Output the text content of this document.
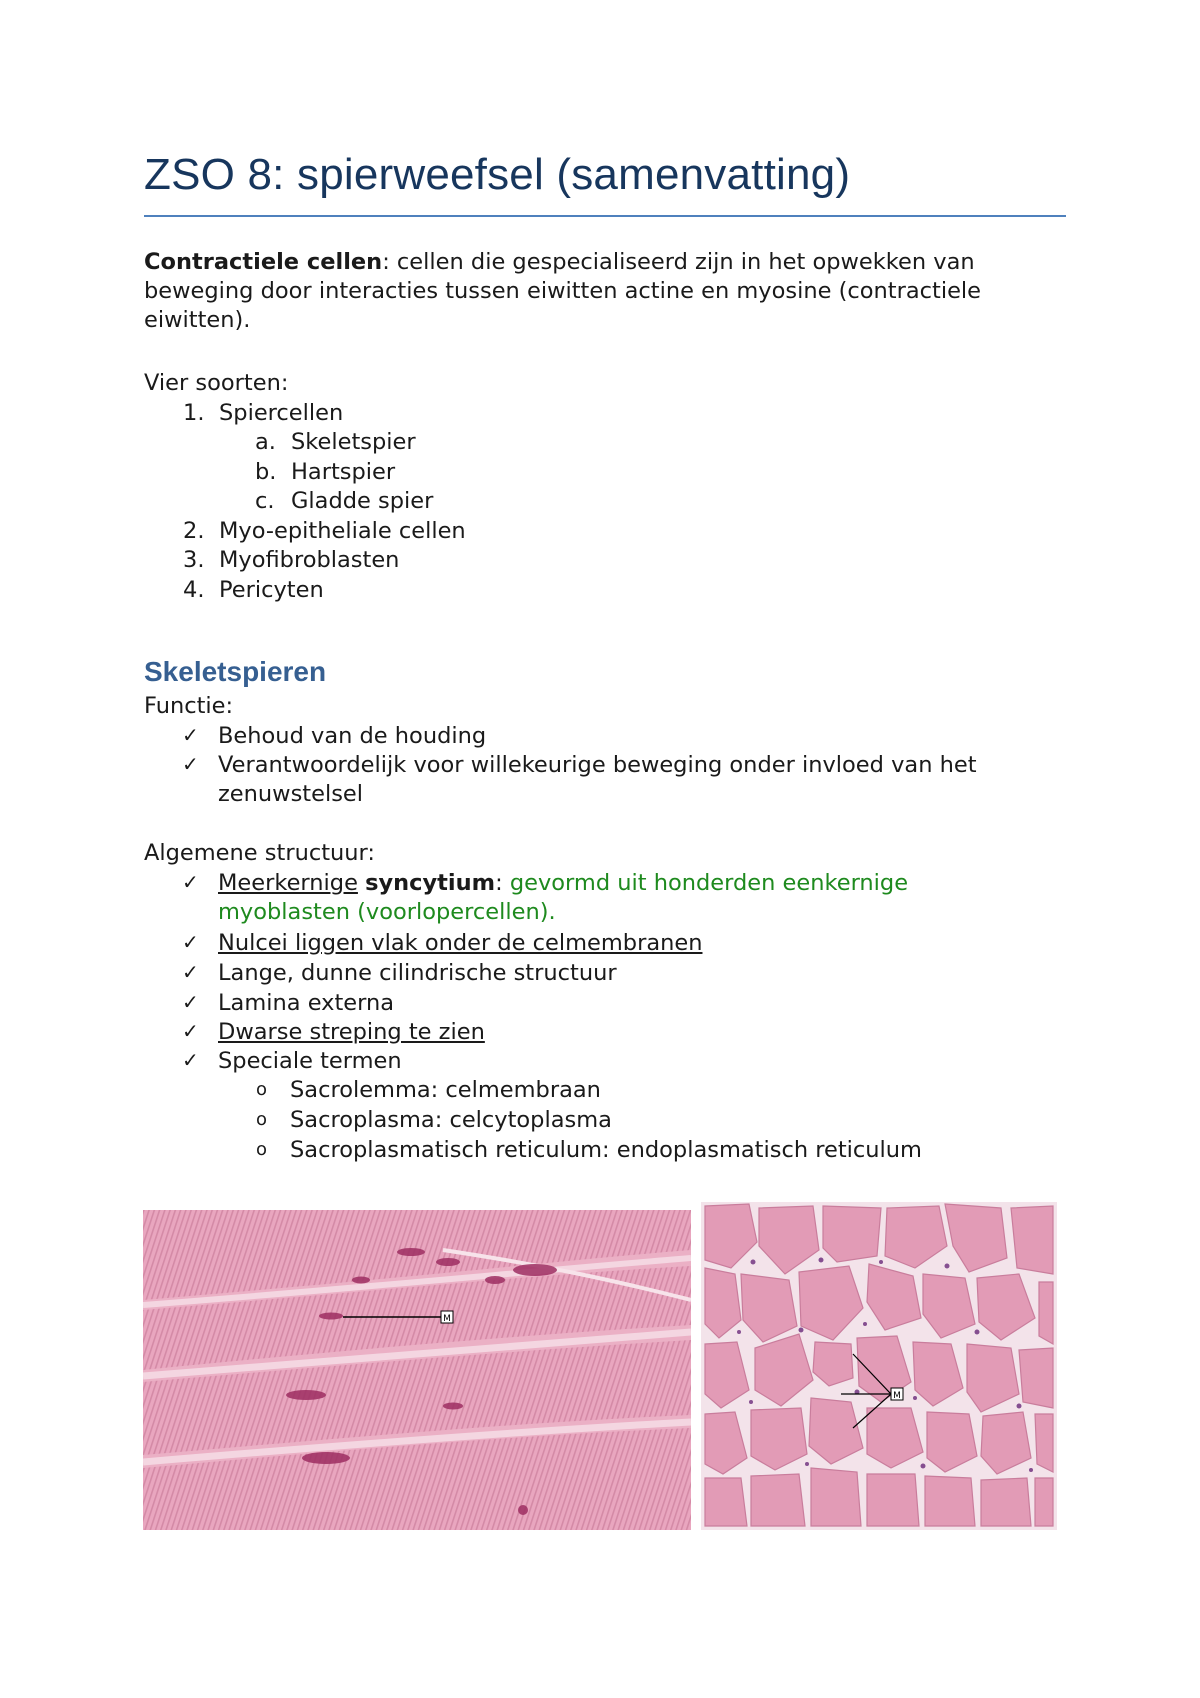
ZSO 8: spierweefsel (samenvatting)
Contractiele cellen: cellen die gespecialiseerd zijn in het opwekken van beweging door interacties tussen eiwitten actine en myosine (contractiele eiwitten).
Vier soorten:
1. Spiercellen
a. Skeletspier
b. Hartspier
c. Gladde spier
2. Myo-epitheliale cellen
3. Myofibroblasten
4. Pericyten
Skeletspieren
Functie:
✓ Behoud van de houding
✓ Verantwoordelijk voor willekeurige beweging onder invloed van het zenuwstelsel
Algemene structuur:
✓ Meerkernige syncytium: gevormd uit honderden eenkernige myoblasten (voorlopercellen).
✓ Nulcei liggen vlak onder de celmembranen
✓ Lange, dunne cilindrische structuur
✓ Lamina externa
✓ Dwarse streping te zien
✓ Speciale termen
o Sacrolemma: celmembraan
o Sacroplasma: celcytoplasma
o Sacroplasmatisch reticulum: endoplasmatisch reticulum
M
M
